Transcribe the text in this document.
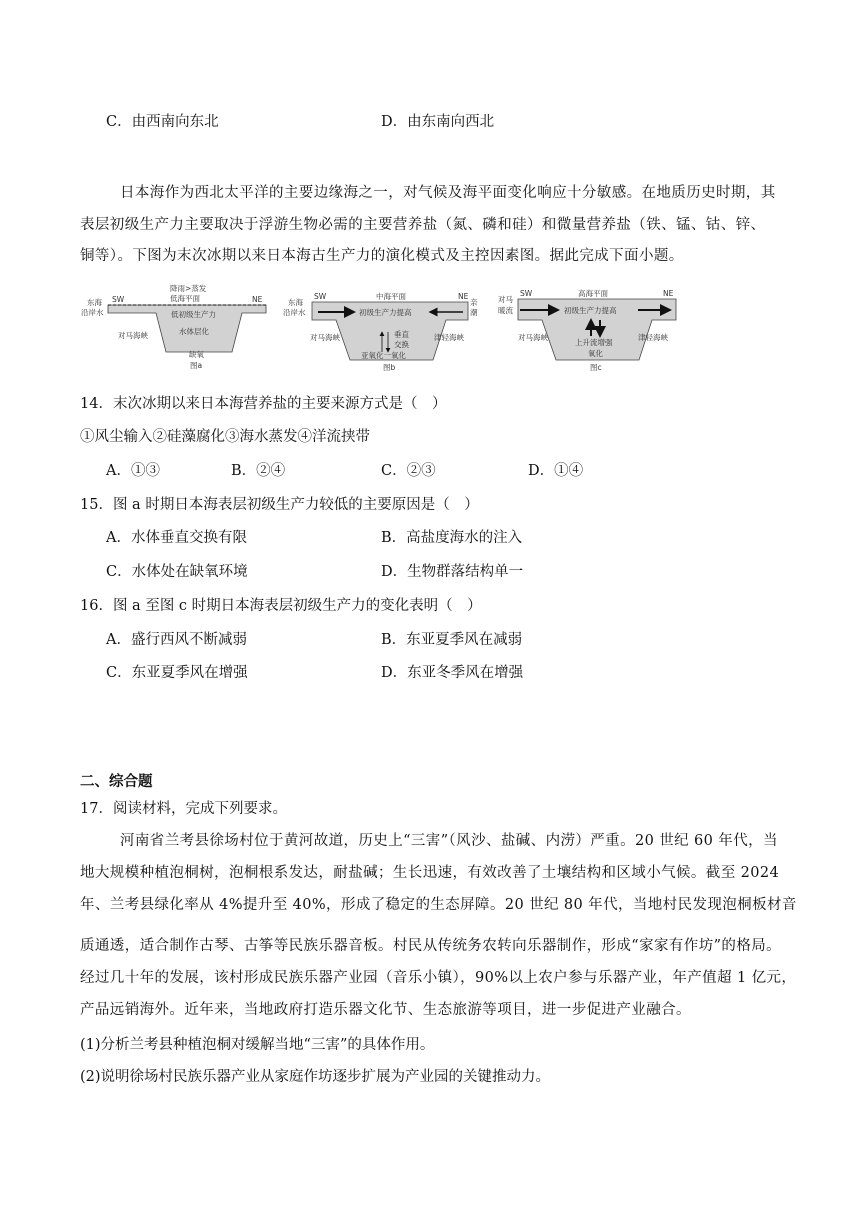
C．由西南向东北	D．由东南向西北
日本海作为西北太平洋的主要边缘海之一，对气候及海平面变化响应十分敏感。在地质历史时期，其
表层初级生产力主要取决于浮游生物必需的主要营养盐（氮、磷和硅）和微量营养盐（铁、锰、钴、锌、
铜等）。下图为末次冰期以来日本海古生产力的演化模式及主控因素图。据此完成下面小题。
东海
沿岸水
SW	NE
降雨>蒸发
低海平面
低初级生产力
水体层化
对马海峡
缺氧
图a
东海
沿岸水
SW	NE
亲
潮
中海平面
初级生产力提高
垂直
交换
对马海峡	津轻海峡
亚氧化一氧化
图b
对马
暖流
SW	NE
高海平面
初级生产力提高
对马海峡	津轻海峡
上升流增强
氧化
图c
14．末次冰期以来日本海营养盐的主要来源方式是（　）
①风尘输入②硅藻腐化③海水蒸发④洋流挟带
A．①③	B．②④	C．②③	D．①④
15．图 a 时期日本海表层初级生产力较低的主要原因是（　）
A．水体垂直交换有限	B．高盐度海水的注入
C．水体处在缺氧环境	D．生物群落结构单一
16．图 a 至图 c 时期日本海表层初级生产力的变化表明（　）
A．盛行西风不断减弱	B．东亚夏季风在减弱
C．东亚夏季风在增强	D．东亚冬季风在增强
二、综合题
17．阅读材料，完成下列要求。
河南省兰考县徐场村位于黄河故道，历史上“三害”（风沙、盐碱、内涝）严重。20 世纪 60 年代，当
地大规模种植泡桐树，泡桐根系发达，耐盐碱；生长迅速，有效改善了土壤结构和区域小气候。截至 2024
年、兰考县绿化率从 4%提升至 40%，形成了稳定的生态屏障。20 世纪 80 年代，当地村民发现泡桐板材音
质通透，适合制作古琴、古筝等民族乐器音板。村民从传统务农转向乐器制作，形成“家家有作坊”的格局。
经过几十年的发展，该村形成民族乐器产业园（音乐小镇），90%以上农户参与乐器产业，年产值超 1 亿元，
产品远销海外。近年来，当地政府打造乐器文化节、生态旅游等项目，进一步促进产业融合。
(1)分析兰考县种植泡桐对缓解当地“三害”的具体作用。
(2)说明徐场村民族乐器产业从家庭作坊逐步扩展为产业园的关键推动力。
